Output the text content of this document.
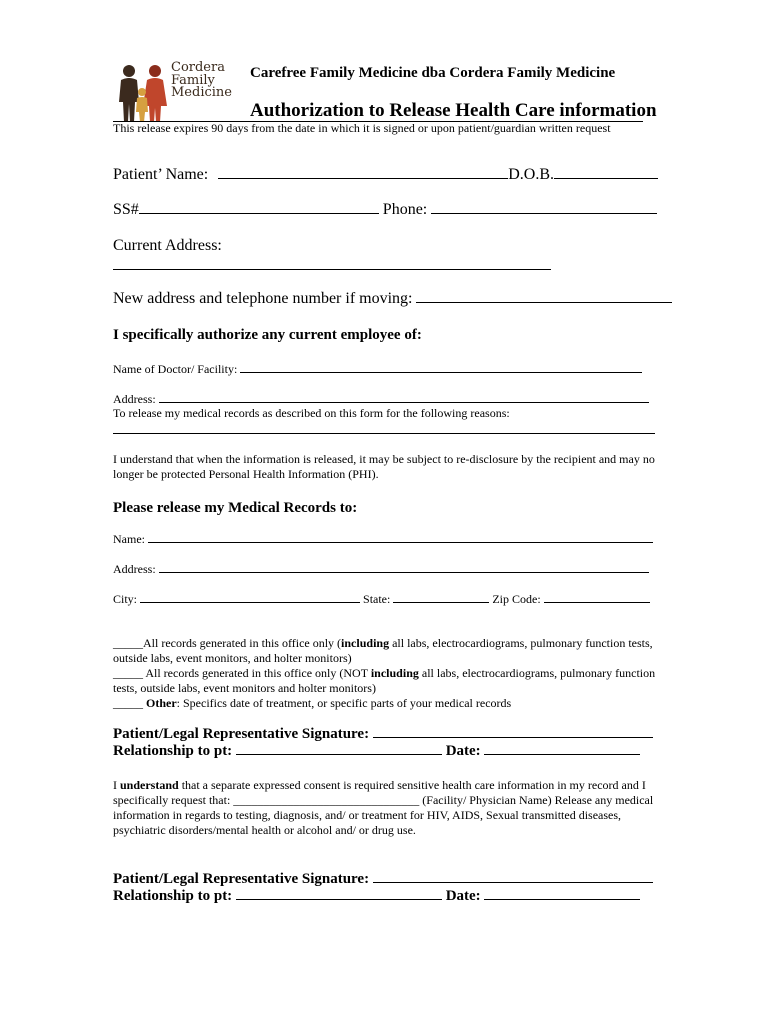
Cordera
Family
Medicine
Carefree Family Medicine dba Cordera Family Medicine
Authorization to Release Health Care information
This release expires 90 days from the date in which it is signed or upon patient/guardian written request
Patient’ Name:	D.O.B.
SS#	Phone:
Current Address:
New address and telephone number if moving:
I specifically authorize any current employee of:
Name of Doctor/ Facility:
Address:
To release my medical records as described on this form for the following reasons:
I understand that when the information is released, it may be subject to re-disclosure by the recipient and may no longer be protected Personal Health Information (PHI).
Please release my Medical Records to:
Name:
Address:
City:	State:	Zip Code:
_____All records generated in this office only (including all labs, electrocardiograms, pulmonary function tests, outside labs, event monitors, and holter monitors)
_____ All records generated in this office only (NOT including all labs, electrocardiograms, pulmonary function tests, outside labs, event monitors and holter monitors)
_____ Other: Specifics date of treatment, or specific parts of your medical records
Patient/Legal Representative Signature:
Relationship to pt:	Date:
I understand that a separate expressed consent is required sensitive health care information in my record and I specifically request that: _______________________________ (Facility/ Physician Name) Release any medical information in regards to testing, diagnosis, and/ or treatment for HIV, AIDS, Sexual transmitted diseases, psychiatric disorders/mental health or alcohol and/ or drug use.
Patient/Legal Representative Signature:
Relationship to pt:	Date:
